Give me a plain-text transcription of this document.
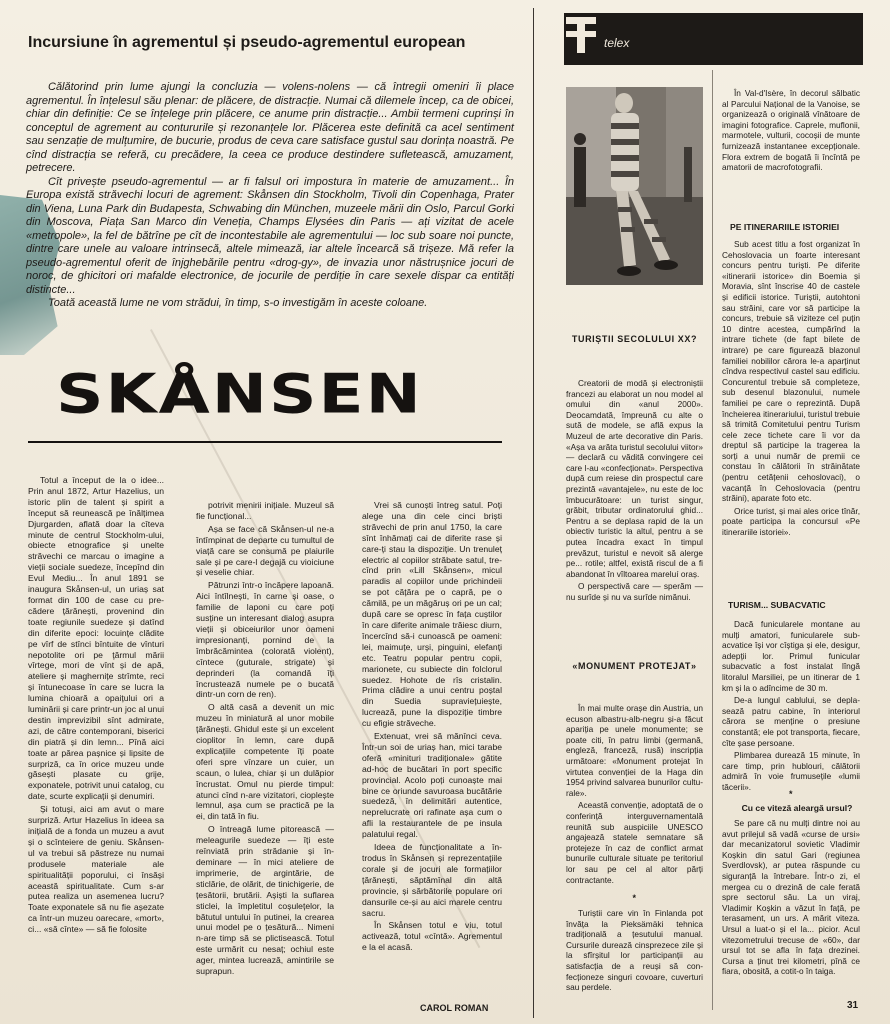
Incursiune în agrementul și pseudo-agrementul european

Călătorind prin lume ajungi la concluzia — volens-nolens — că întregii omeniri îi place agrementul. În înțelesul său plenar: de plăcere, de distracție. Numai că dilemele încep, ca de obicei, chiar din definiție: Ce se înțelege prin plăcere, ce anume prin distracție... Ambii termeni cuprinși în conceptul de agrement au contururile și rezonanțele lor. Plăcerea este definită ca acel sentiment sau senzație de mulțumire, de bucurie, produs de ceva care satisface gustul sau dorința noastră. Pe cînd distracția se referă, cu precădere, la ceea ce produce destindere sufletească, amuzament, petrecere.

Cît privește pseudo-agrementul — ar fi falsul ori impostura în materie de amuzament... În Europa există străvechi locuri de agrement: Skånsen din Stockholm, Tivoli din Copenhaga, Prater din Viena, Luna Park din Budapesta, Schwabing din München, muzeele mării din Oslo, Parcul Gorki din Moscova, Piața San Marco din Veneția, Champs Elysées din Paris — ați vizitat de acele «metropole», la fel de bătrîne pe cît de incontestabile ale agrementului — loc sub soare noi puncte, dintre care unele au valoare intrinsecă, altele mimează, iar altele încearcă să trișeze. Mă refer la pseudo-agrementul oferit de înjghebările pentru «drog-gy», de invazia unor năstrușnice jocuri de noroc, de ghicitori ori mafalde electronice, de jocurile de perdiție în care sexele dispar ca entități distincte...

Toată această lume ne vom strădui, în timp, s-o investigăm în aceste coloane.

SKÅNSEN

Totul a început de la o idee... Prin anul 1872, Artur Hazelius, un istoric plin de talent și spirit a început să reunească pe înălțimea Djurgarden, aflată doar la cîteva minute de centrul Stockholm-ului, obiecte etnografice și unelte străvechi ce marcau o imagine a vieții sociale suedeze, începînd din Evul Mediu... În anul 1891 se inaugura Skånsen-ul, un uriaș sat format din 100 de case cu precădere țărănești, provenind din toate regiunile suedeze și datînd din diferite epoci: locuințe clădite pe vîrf de stînci bîntuite de vînturi nepotolite ori pe ţărmul mării vîrtege, mori de vînt și de apă, ateliere și maghernițe strîmte, reci și întunecoase în care se lucra la lumina chioară a opaițului ori a luminării și care printr-un joc al unui destin imprevizibil sînt admirate, azi, de către contemporani, biserici din piatră și din lemn... Pînă aici toate ar părea pașnice și lipsite de surpriză, ca în orice muzeu unde găsești plasate cu grije, exponatele, potrivit unui catalog, cu date, scurte explicații și denumiri.

Și totuși, aici am avut o mare surpriză. Artur Hazelius în ideea sa inițială de a fonda un muzeu a avut și o scînteiere de geniu. Skånsen-ul va trebui să păstreze nu numai produsele materiale ale spiritualității poporului, ci însăși această spiritualitate. Cum s-ar putea realiza un asemenea lucru? Toate exponatele să nu fie așezate ca într-un muzeu oarecare, «mort», ci... «să cînte» — să fie folosite

potrivit menirii inițiale. Muzeul să fie funcțional...

Așa se face că Skånsen-ul ne-a întîmpinat de departe cu tumultul de viață care se consumă pe plaiurile sale și pe care-l degajă cu vioiciune și veselie chiar.

Pătrunzi într-o încăpere lapoană. Aici întîlnești, în carne și oase, o familie de laponi cu care poți susține un interesant dialog asupra vieții și obiceiurilor unor oameni impresionanți, pornind de la îmbrăcămintea (colorată violent), cîntece (guturale, strigate) și deprinderi (la comandă îți încrustează numele pe o bucată dintr-un corn de ren).

O altă casă a devenit un mic muzeu în miniatură al unor mobile țărănești. Ghidul este și un excelent cioplitor în lemn, care după explicațiile competente îți poate oferi spre vînzare un cuier, un scaun, o lulea, chiar și un dulăpior încrustat. Omul nu pierde timpul: atunci cînd n-are vizitatori, cioplește lemnul, așa cum se practică pe la ei, din tată în fiu.

O întreagă lume pitorească — meleagurile suedeze — îți este reînviată prin strădanie și îndeminare — în mici ateliere de imprimerie, de argintărie, de sticlărie, de olărit, de tinichigerie, de țesătorii, brutării. Așiști la suflarea sticlei, la împletitul coșulețelor, la bătutul untului în putinei, la crearea unui model pe o țesătură... Nimeni n-are timp să se plictisească. Totul este urmărit cu nesaț; ochiul este ager, mintea lucrează, amintirile se suprapun.

Vrei să cunoști întreg satul. Poți alege una din cele cinci briști străvechi de prin anul 1750, la care sînt înhămați cai de diferite rase și care-ți stau la dispoziție. Un trenuleț electric al copiilor străbate satul, trecînd prin «Lill Skånsen», micul paradis al copiilor unde prichindeii se pot cățăra pe o capră, pe o cămilă, pe un măgăruș ori pe un cal; după care se opresc în fața cuștilor în care diferite animale trăiesc diurn, încercînd să-i cunoască pe oameni: lei, maimuțe, urși, pinguini, elefanți etc. Teatru popular pentru copii, marionete, cu subiecte din folclorul suedez. Hohote de rîs cristalin. Prima clădire a unui centru poștal din Suedia supraviețuiește, lucrează, pune la dispoziție timbre cu efigie străveche.

Extenuat, vrei să mănînci ceva. Într-un soi de uriaș han, mici tarabe oferă «minituri tradiționale» gătite ad-hoc de bucătari în port specific provincial. Acolo poți cunoaște mai bine ce oriunde savuroasa bucătărie suedeză, în delimitări autentice, neprelucrate ori rafinate așa cum o afli la restaurantele de pe insula palatului regal.

Ideea de funcționalitate a întrodus în Skånsen și reprezentațiile corale și de jocuri ale formațiilor țărănești, săptămînal din altă provincie, și sărbătorile populare ori dansurile ce-și au aici marele centru sacru.

În Skånsen totul e viu, totul activează, totul «cîntă». Agrementul e la el acasă.

CAROL ROMAN
telex
TURIȘTII SECOLULUI XX?

Creatorii de modă și electroniștii francezi au elaborat un nou model al omului din «anul 2000». Deocamdată, împreună cu alte o sută de modele, se află expus la Muzeul de arte decorative din Paris. «Așa va arăta turistul secolului viitor» — declară cu vădită convingere cei care l-au «confecționat». Perspectiva după cum reiese din prospectul care prezintă «avantajele», nu este de loc îmbucurătoare: un turist singur, grăbit, tributar ordinatorului ghid... Pentru a se deplasa rapid de la un obiectiv turistic la altul, pentru a se putea încadra exact în timpul prevăzut, turistul e nevoit să alerge pe... rotile; altfel, există riscul de a fi abandonat în vîltoarea mareluí oraș.

O perspectivă care — sperăm — nu surîde și nu va surîde nimănui.

«MONUMENT PROTEJAT»

În mai multe orașe din Austria, un ecuson albastru-alb-negru și-a făcut apariția pe unele monumente; se poate citi, în patru limbi (germană, engleză, franceză, rusă) inscripția următoare: «Monument protejat în virtutea convenției de la Haga din 1954 privind salvarea bunurilor culturale».

Această convenție, adoptată de o conferință interguvernamentală reunită sub auspiciile UNESCO angajează statele semnatare să protejeze în caz de conflict armat bunurile culturale situate pe teritoriul lor sau pe cel al altor părți contractante.

*

Turiștii care vin în Finlanda pot învăța la Pieksämäki tehnica tradițională a țesutului manual. Cursurile durează cinsprezece zile și la sfîrșitul lor participanții au satisfacția de a reuși să confecționeze singuri covoare, cuverturi sau perdele.

În Val-d'Isère, în decorul sălbatic al Parcului Național de la Vanoise, se organizează o originală vînătoare de imagini fotografice. Caprele, muflonii, marmotele, vulturii, cocoșii de munte furnizează instantanee excepționale. Flora extrem de bogată îi încîntă pe amatorii de macrofotografii.

PE ITINERARIILE ISTORIEI

Sub acest titlu a fost organizat în Cehoslovacia un foarte interesant concurs pentru turiști. Pe diferite «itinerarii istorice» din Boemia și Moravia, sînt înscrise 40 de castele și edificii istorice. Turiștii, autohtoni sau străini, care vor să participe la concurs, trebuie să viziteze cel puțin 10 dintre acestea, cumpărînd la intrare tichete (de fapt bilete de intrare) pe care figurează blazonul familiei nobililor cărora le-a aparținut cîndva respectivul castel sau edificiu. Concurentul trebuie să completeze, sub desenul blazonului, numele familiei pe care o reprezintă. După încheierea itinerariului, turistul trebuie să trimită Comitetului pentru Turism cele zece tichete care îi vor da dreptul să participe la tragerea la sorți a unui număr de premii ce constau în călătorii în străinătate (pentru cetățenii cehoslovaci), o vacanță în Cehoslovacia (pentru străini), aparate foto etc.

Orice turist, și mai ales orice tînăr, poate participa la concursul «Pe itinerariile istoriei».

TURISM... SUBACVATIC

Dacă funicularele montane au mulți amatori, funicularele subacvatice își vor cîștiga și ele, desigur, adepții lor. Primul funicular subacvatic a fost instalat lîngă litoralul Marsiliei, pe un itinerar de 1 km și la o adîncime de 30 m.

De-a lungul cablului, se deplasează patru cabine, în interiorul cărora se menține o presiune constantă; ele pot transporta, fiecare, cîte șase persoane.

Plimbarea durează 15 minute, în care timp, prin hublouri, călătorii admiră în voie frumusețile «lumii tăcerii».

*
Cu ce viteză aleargă ursul?

Se pare că nu mulți dintre noi au avut prilejul să vadă «curse de ursi» dar mecanizatorul sovietic Vladimir Koșkin din satul Gari (regiunea Sverdlovsk), ar putea răspunde cu siguranță la întrebare. Într-o zi, el mergea cu o drezină de cale ferată spre sectorul său. La un viraj, Vladimir Koșkin a văzut în față, pe terasament, un urs. A mărit viteza. Ursul a luat-o și el la... picior. Acul vitezometrului trecuse de «60», dar ursul tot se afla în fața drezinei. Cursa a ținut trei kilometri, pînă ce fiara, obosită, a cotit-o în taiga.

31
